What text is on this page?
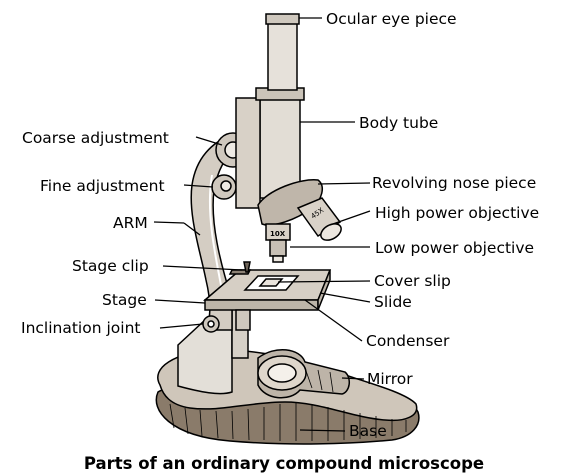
45X
10X
Ocular eye piece
Body tube
Coarse adjustment
Revolving nose piece
Fine adjustment
High power objective
ARM
Low power objective
Stage clip
Cover slip
Stage	Slide
Inclination joint
Condenser
Mirror
Base
Parts of an ordinary compound microscope
